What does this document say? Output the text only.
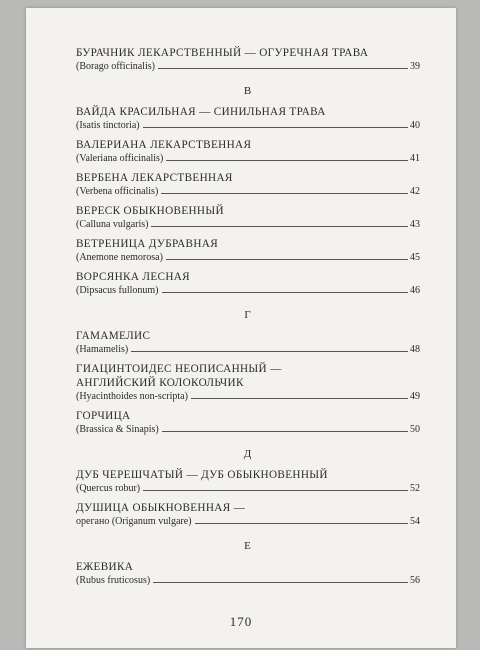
БУРАЧНИК ЛЕКАРСТВЕННЫЙ — ОГУРЕЧНАЯ ТРАВА
(Borago officinalis)	39
В
ВАЙДА КРАСИЛЬНАЯ — СИНИЛЬНАЯ ТРАВА
(Isatis tinctoria)	40
ВАЛЕРИАНА ЛЕКАРСТВЕННАЯ
(Valeriana officinalis)	41
ВЕРБЕНА ЛЕКАРСТВЕННАЯ
(Verbena officinalis)	42
ВЕРЕСК ОБЫКНОВЕННЫЙ
(Calluna vulgaris)	43
ВЕТРЕНИЦА ДУБРАВНАЯ
(Anemone nemorosa)	45
ВОРСЯНКА ЛЕСНАЯ
(Dipsacus fullonum)	46
Г
ГАМАМЕЛИС
(Hamamelis)	48
ГИАЦИНТОИДЕС НЕОПИСАННЫЙ —
АНГЛИЙСКИЙ КОЛОКОЛЬЧИК
(Hyacinthoides non-scripta)	49
ГОРЧИЦА
(Brassica & Sinapis)	50
Д
ДУБ ЧЕРЕШЧАТЫЙ — ДУБ ОБЫКНОВЕННЫЙ
(Quercus robur)	52
ДУШИЦА ОБЫКНОВЕННАЯ —
орегано (Origanum vulgare)	54
Е
ЕЖЕВИКА
(Rubus fruticosus)	56
170
